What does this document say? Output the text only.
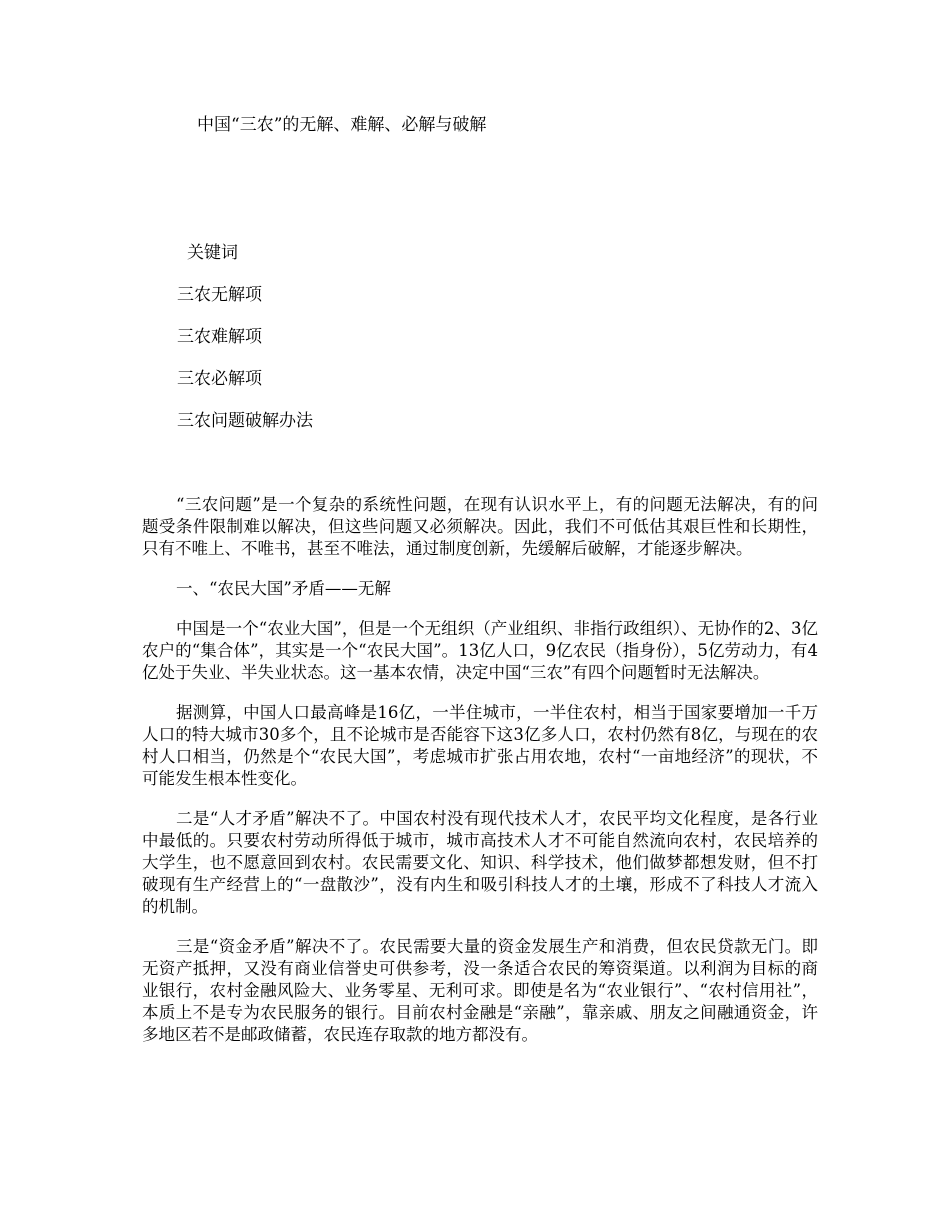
中国“三农”的无解、难解、必解与破解
关键词
三农无解项
三农难解项
三农必解项
三农问题破解办法

“三农问题”是一个复杂的系统性问题，在现有认识水平上，有的问题无法解决，有的问题受条件限制难以解决，但这些问题又必须解决。因此，我们不可低估其艰巨性和长期性，只有不唯上、不唯书，甚至不唯法，通过制度创新，先缓解后破解，才能逐步解决。

一、“农民大国”矛盾——无解

中国是一个“农业大国”，但是一个无组织（产业组织、非指行政组织）、无协作的2、3亿农户的“集合体”，其实是一个“农民大国”。13亿人口，9亿农民（指身份），5亿劳动力，有4亿处于失业、半失业状态。这一基本农情，决定中国“三农”有四个问题暂时无法解决。

据测算，中国人口最高峰是16亿，一半住城市，一半住农村，相当于国家要增加一千万人口的特大城市30多个，且不论城市是否能容下这3亿多人口，农村仍然有8亿，与现在的农村人口相当，仍然是个“农民大国”，考虑城市扩张占用农地，农村“一亩地经济”的现状，不可能发生根本性变化。

二是“人才矛盾”解决不了。中国农村没有现代技术人才，农民平均文化程度，是各行业中最低的。只要农村劳动所得低于城市，城市高技术人才不可能自然流向农村，农民培养的大学生，也不愿意回到农村。农民需要文化、知识、科学技术，他们做梦都想发财，但不打破现有生产经营上的“一盘散沙”，没有内生和吸引科技人才的土壤，形成不了科技人才流入的机制。

三是“资金矛盾”解决不了。农民需要大量的资金发展生产和消费，但农民贷款无门。即无资产抵押，又没有商业信誉史可供参考，没一条适合农民的筹资渠道。以利润为目标的商业银行，农村金融风险大、业务零星、无利可求。即使是名为“农业银行”、“农村信用社”，本质上不是专为农民服务的银行。目前农村金融是“亲融”，靠亲戚、朋友之间融通资金，许多地区若不是邮政储蓄，农民连存取款的地方都没有。
